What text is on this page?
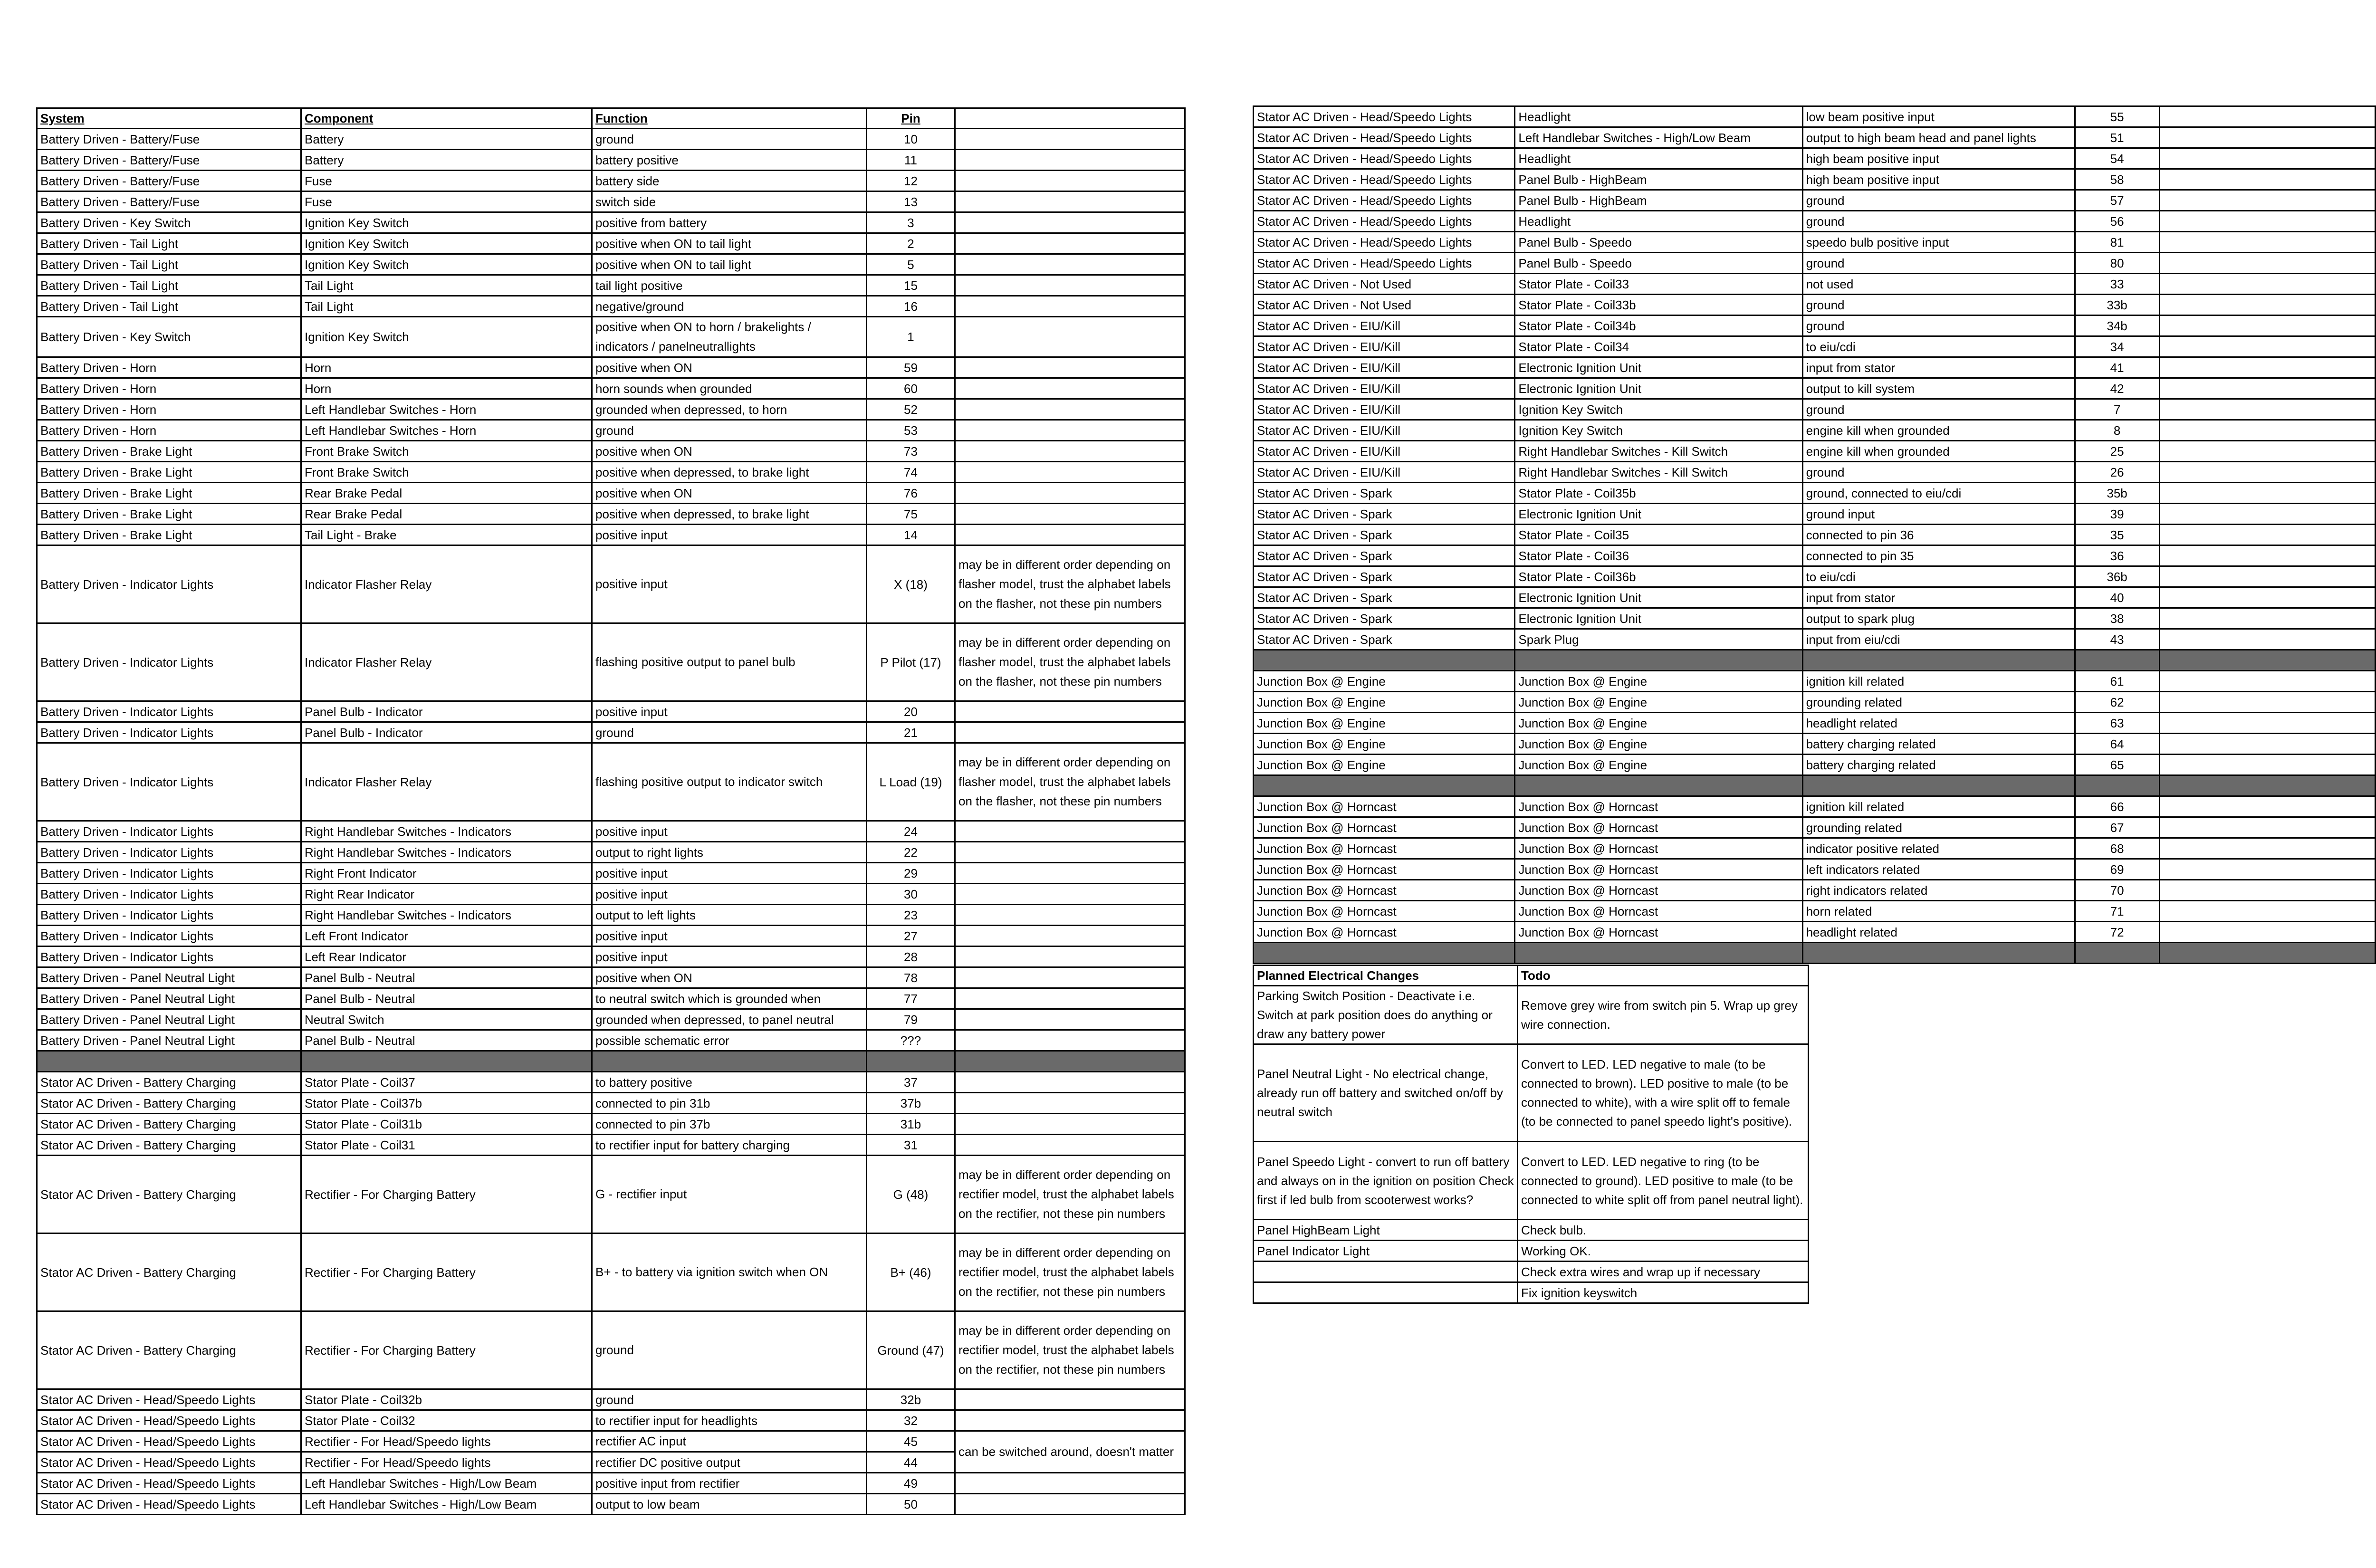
System	Component	Function	Pin	
Battery Driven - Battery/Fuse	Battery	ground	10	
Battery Driven - Battery/Fuse	Battery	battery positive	11	
Battery Driven - Battery/Fuse	Fuse	battery side	12	
Battery Driven - Battery/Fuse	Fuse	switch side	13	
Battery Driven - Key Switch	Ignition Key Switch	positive from battery	3	
Battery Driven - Tail Light	Ignition Key Switch	positive when ON to tail light	2	
Battery Driven - Tail Light	Ignition Key Switch	positive when ON to tail light	5	
Battery Driven - Tail Light	Tail Light	tail light positive	15	
Battery Driven - Tail Light	Tail Light	negative/ground	16	
Battery Driven - Key Switch	Ignition Key Switch	positive when ON to horn / brakelights / indicators / panelneutrallights	1	
Battery Driven - Horn	Horn	positive when ON	59	
Battery Driven - Horn	Horn	horn sounds when grounded	60	
Battery Driven - Horn	Left Handlebar Switches - Horn	grounded when depressed, to horn	52	
Battery Driven - Horn	Left Handlebar Switches - Horn	ground	53	
Battery Driven - Brake Light	Front Brake Switch	positive when ON	73	
Battery Driven - Brake Light	Front Brake Switch	positive when depressed, to brake light	74	
Battery Driven - Brake Light	Rear Brake Pedal	positive when ON	76	
Battery Driven - Brake Light	Rear Brake Pedal	positive when depressed, to brake light	75	
Battery Driven - Brake Light	Tail Light - Brake	positive input	14	
Battery Driven - Indicator Lights	Indicator Flasher Relay	positive input	X (18)	may be in different order depending on flasher model, trust the alphabet labels on the flasher, not these pin numbers
Battery Driven - Indicator Lights	Indicator Flasher Relay	flashing positive output to panel bulb	P Pilot (17)	may be in different order depending on flasher model, trust the alphabet labels on the flasher, not these pin numbers
Battery Driven - Indicator Lights	Panel Bulb - Indicator	positive input	20	
Battery Driven - Indicator Lights	Panel Bulb - Indicator	ground	21	
Battery Driven - Indicator Lights	Indicator Flasher Relay	flashing positive output to indicator switch	L Load (19)	may be in different order depending on flasher model, trust the alphabet labels on the flasher, not these pin numbers
Battery Driven - Indicator Lights	Right Handlebar Switches - Indicators	positive input	24	
Battery Driven - Indicator Lights	Right Handlebar Switches - Indicators	output to right lights	22	
Battery Driven - Indicator Lights	Right Front Indicator	positive input	29	
Battery Driven - Indicator Lights	Right Rear Indicator	positive input	30	
Battery Driven - Indicator Lights	Right Handlebar Switches - Indicators	output to left lights	23	
Battery Driven - Indicator Lights	Left Front Indicator	positive input	27	
Battery Driven - Indicator Lights	Left Rear Indicator	positive input	28	
Battery Driven - Panel Neutral Light	Panel Bulb - Neutral	positive when ON	78	
Battery Driven - Panel Neutral Light	Panel Bulb - Neutral	to neutral switch which is grounded when	77	
Battery Driven - Panel Neutral Light	Neutral Switch	grounded when depressed, to panel neutral	79	
Battery Driven - Panel Neutral Light	Panel Bulb - Neutral	possible schematic error	???	

Stator AC Driven - Battery Charging	Stator Plate - Coil37	to battery positive	37	
Stator AC Driven - Battery Charging	Stator Plate - Coil37b	connected to pin 31b	37b	
Stator AC Driven - Battery Charging	Stator Plate - Coil31b	connected to pin 37b	31b	
Stator AC Driven - Battery Charging	Stator Plate - Coil31	to rectifier input for battery charging	31	
Stator AC Driven - Battery Charging	Rectifier - For Charging Battery	G - rectifier input	G (48)	may be in different order depending on rectifier model, trust the alphabet labels on the rectifier, not these pin numbers
Stator AC Driven - Battery Charging	Rectifier - For Charging Battery	B+ - to battery via ignition switch when ON	B+ (46)	may be in different order depending on rectifier model, trust the alphabet labels on the rectifier, not these pin numbers
Stator AC Driven - Battery Charging	Rectifier - For Charging Battery	ground	Ground (47)	may be in different order depending on rectifier model, trust the alphabet labels on the rectifier, not these pin numbers
Stator AC Driven - Head/Speedo Lights	Stator Plate - Coil32b	ground	32b	
Stator AC Driven - Head/Speedo Lights	Stator Plate - Coil32	to rectifier input for headlights	32	
Stator AC Driven - Head/Speedo Lights	Rectifier - For Head/Speedo lights	rectifier AC input	45	can be switched around, doesn't matter
Stator AC Driven - Head/Speedo Lights	Rectifier - For Head/Speedo lights	rectifier DC positive output	44	
Stator AC Driven - Head/Speedo Lights	Left Handlebar Switches - High/Low Beam	positive input from rectifier	49	
Stator AC Driven - Head/Speedo Lights	Left Handlebar Switches - High/Low Beam	output to low beam	50	
Stator AC Driven - Head/Speedo Lights	Headlight	low beam positive input	55	
Stator AC Driven - Head/Speedo Lights	Left Handlebar Switches - High/Low Beam	output to high beam head and panel lights	51	
Stator AC Driven - Head/Speedo Lights	Headlight	high beam positive input	54	
Stator AC Driven - Head/Speedo Lights	Panel Bulb - HighBeam	high beam positive input	58	
Stator AC Driven - Head/Speedo Lights	Panel Bulb - HighBeam	ground	57	
Stator AC Driven - Head/Speedo Lights	Headlight	ground	56	
Stator AC Driven - Head/Speedo Lights	Panel Bulb - Speedo	speedo bulb positive input	81	
Stator AC Driven - Head/Speedo Lights	Panel Bulb - Speedo	ground	80	
Stator AC Driven - Not Used	Stator Plate - Coil33	not used	33	
Stator AC Driven - Not Used	Stator Plate - Coil33b	ground	33b	
Stator AC Driven - EIU/Kill	Stator Plate - Coil34b	ground	34b	
Stator AC Driven - EIU/Kill	Stator Plate - Coil34	to eiu/cdi	34	
Stator AC Driven - EIU/Kill	Electronic Ignition Unit	input from stator	41	
Stator AC Driven - EIU/Kill	Electronic Ignition Unit	output to kill system	42	
Stator AC Driven - EIU/Kill	Ignition Key Switch	ground	7	
Stator AC Driven - EIU/Kill	Ignition Key Switch	engine kill when grounded	8	
Stator AC Driven - EIU/Kill	Right Handlebar Switches - Kill Switch	engine kill when grounded	25	
Stator AC Driven - EIU/Kill	Right Handlebar Switches - Kill Switch	ground	26	
Stator AC Driven - Spark	Stator Plate - Coil35b	ground, connected to eiu/cdi	35b	
Stator AC Driven - Spark	Electronic Ignition Unit	ground input	39	
Stator AC Driven - Spark	Stator Plate - Coil35	connected to pin 36	35	
Stator AC Driven - Spark	Stator Plate - Coil36	connected to pin 35	36	
Stator AC Driven - Spark	Stator Plate - Coil36b	to eiu/cdi	36b	
Stator AC Driven - Spark	Electronic Ignition Unit	input from stator	40	
Stator AC Driven - Spark	Electronic Ignition Unit	output to spark plug	38	
Stator AC Driven - Spark	Spark Plug	input from eiu/cdi	43	

Junction Box @ Engine	Junction Box @ Engine	ignition kill related	61	
Junction Box @ Engine	Junction Box @ Engine	grounding related	62	
Junction Box @ Engine	Junction Box @ Engine	headlight related	63	
Junction Box @ Engine	Junction Box @ Engine	battery charging related	64	
Junction Box @ Engine	Junction Box @ Engine	battery charging related	65	

Junction Box @ Horncast	Junction Box @ Horncast	ignition kill related	66	
Junction Box @ Horncast	Junction Box @ Horncast	grounding related	67	
Junction Box @ Horncast	Junction Box @ Horncast	indicator positive related	68	
Junction Box @ Horncast	Junction Box @ Horncast	left indicators related	69	
Junction Box @ Horncast	Junction Box @ Horncast	right indicators related	70	
Junction Box @ Horncast	Junction Box @ Horncast	horn related	71	
Junction Box @ Horncast	Junction Box @ Horncast	headlight related	72	

Planned Electrical Changes	Todo
Parking Switch Position - Deactivate i.e. Switch at park position does do anything or draw any battery power	Remove grey wire from switch pin 5. Wrap up grey wire connection.
Panel Neutral Light - No electrical change, already run off battery and switched on/off by neutral switch	Convert to LED. LED negative to male (to be connected to brown). LED positive to male (to be connected to white), with a wire split off to female (to be connected to panel speedo light's positive).
Panel Speedo Light - convert to run off battery and always on in the ignition on position Check first if led bulb from scooterwest works?	Convert to LED. LED negative to ring (to be connected to ground). LED positive to male (to be connected to white split off from panel neutral light).
Panel HighBeam Light	Check bulb.
Panel Indicator Light	Working OK.
	Check extra wires and wrap up if necessary
	Fix ignition keyswitch
